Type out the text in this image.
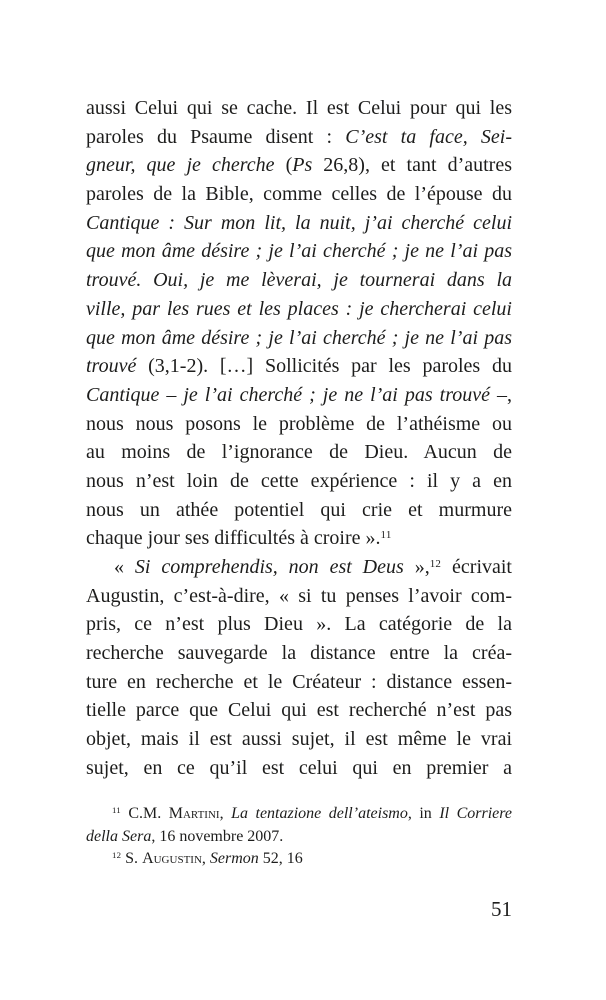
aussi Celui qui se cache. Il est Celui pour qui les
paroles du Psaume disent : C’est ta face, Sei-
gneur, que je cherche (Ps 26,8), et tant d’autres
paroles de la Bible, comme celles de l’épouse du
Cantique : Sur mon lit, la nuit, j’ai cherché celui
que mon âme désire ; je l’ai cherché ; je ne l’ai pas
trouvé. Oui, je me lèverai, je tournerai dans la
ville, par les rues et les places : je chercherai celui
que mon âme désire ; je l’ai cherché ; je ne l’ai pas
trouvé (3,1-2). […] Sollicités par les paroles du
Cantique – je l’ai cherché ; je ne l’ai pas trouvé –,
nous nous posons le problème de l’athéisme ou
au moins de l’ignorance de Dieu. Aucun de
nous n’est loin de cette expérience : il y a en
nous un athée potentiel qui crie et murmure
chaque jour ses difficultés à croire ».$^{11}$
« Si comprehendis, non est Deus »,$^{12}$ écrivait
Augustin, c’est-à-dire, « si tu penses l’avoir com-
pris, ce n’est plus Dieu ». La catégorie de la
recherche sauvegarde la distance entre la créa-
ture en recherche et le Créateur : distance essen-
tielle parce que Celui qui est recherché n’est pas
objet, mais il est aussi sujet, il est même le vrai
sujet, en ce qu’il est celui qui en premier a
$^{11}$ C.M. Martini, La tentazione dell’ateismo, in Il Corriere
della Sera, 16 novembre 2007.
$^{12}$ S. Augustin, Sermon 52, 16
51
